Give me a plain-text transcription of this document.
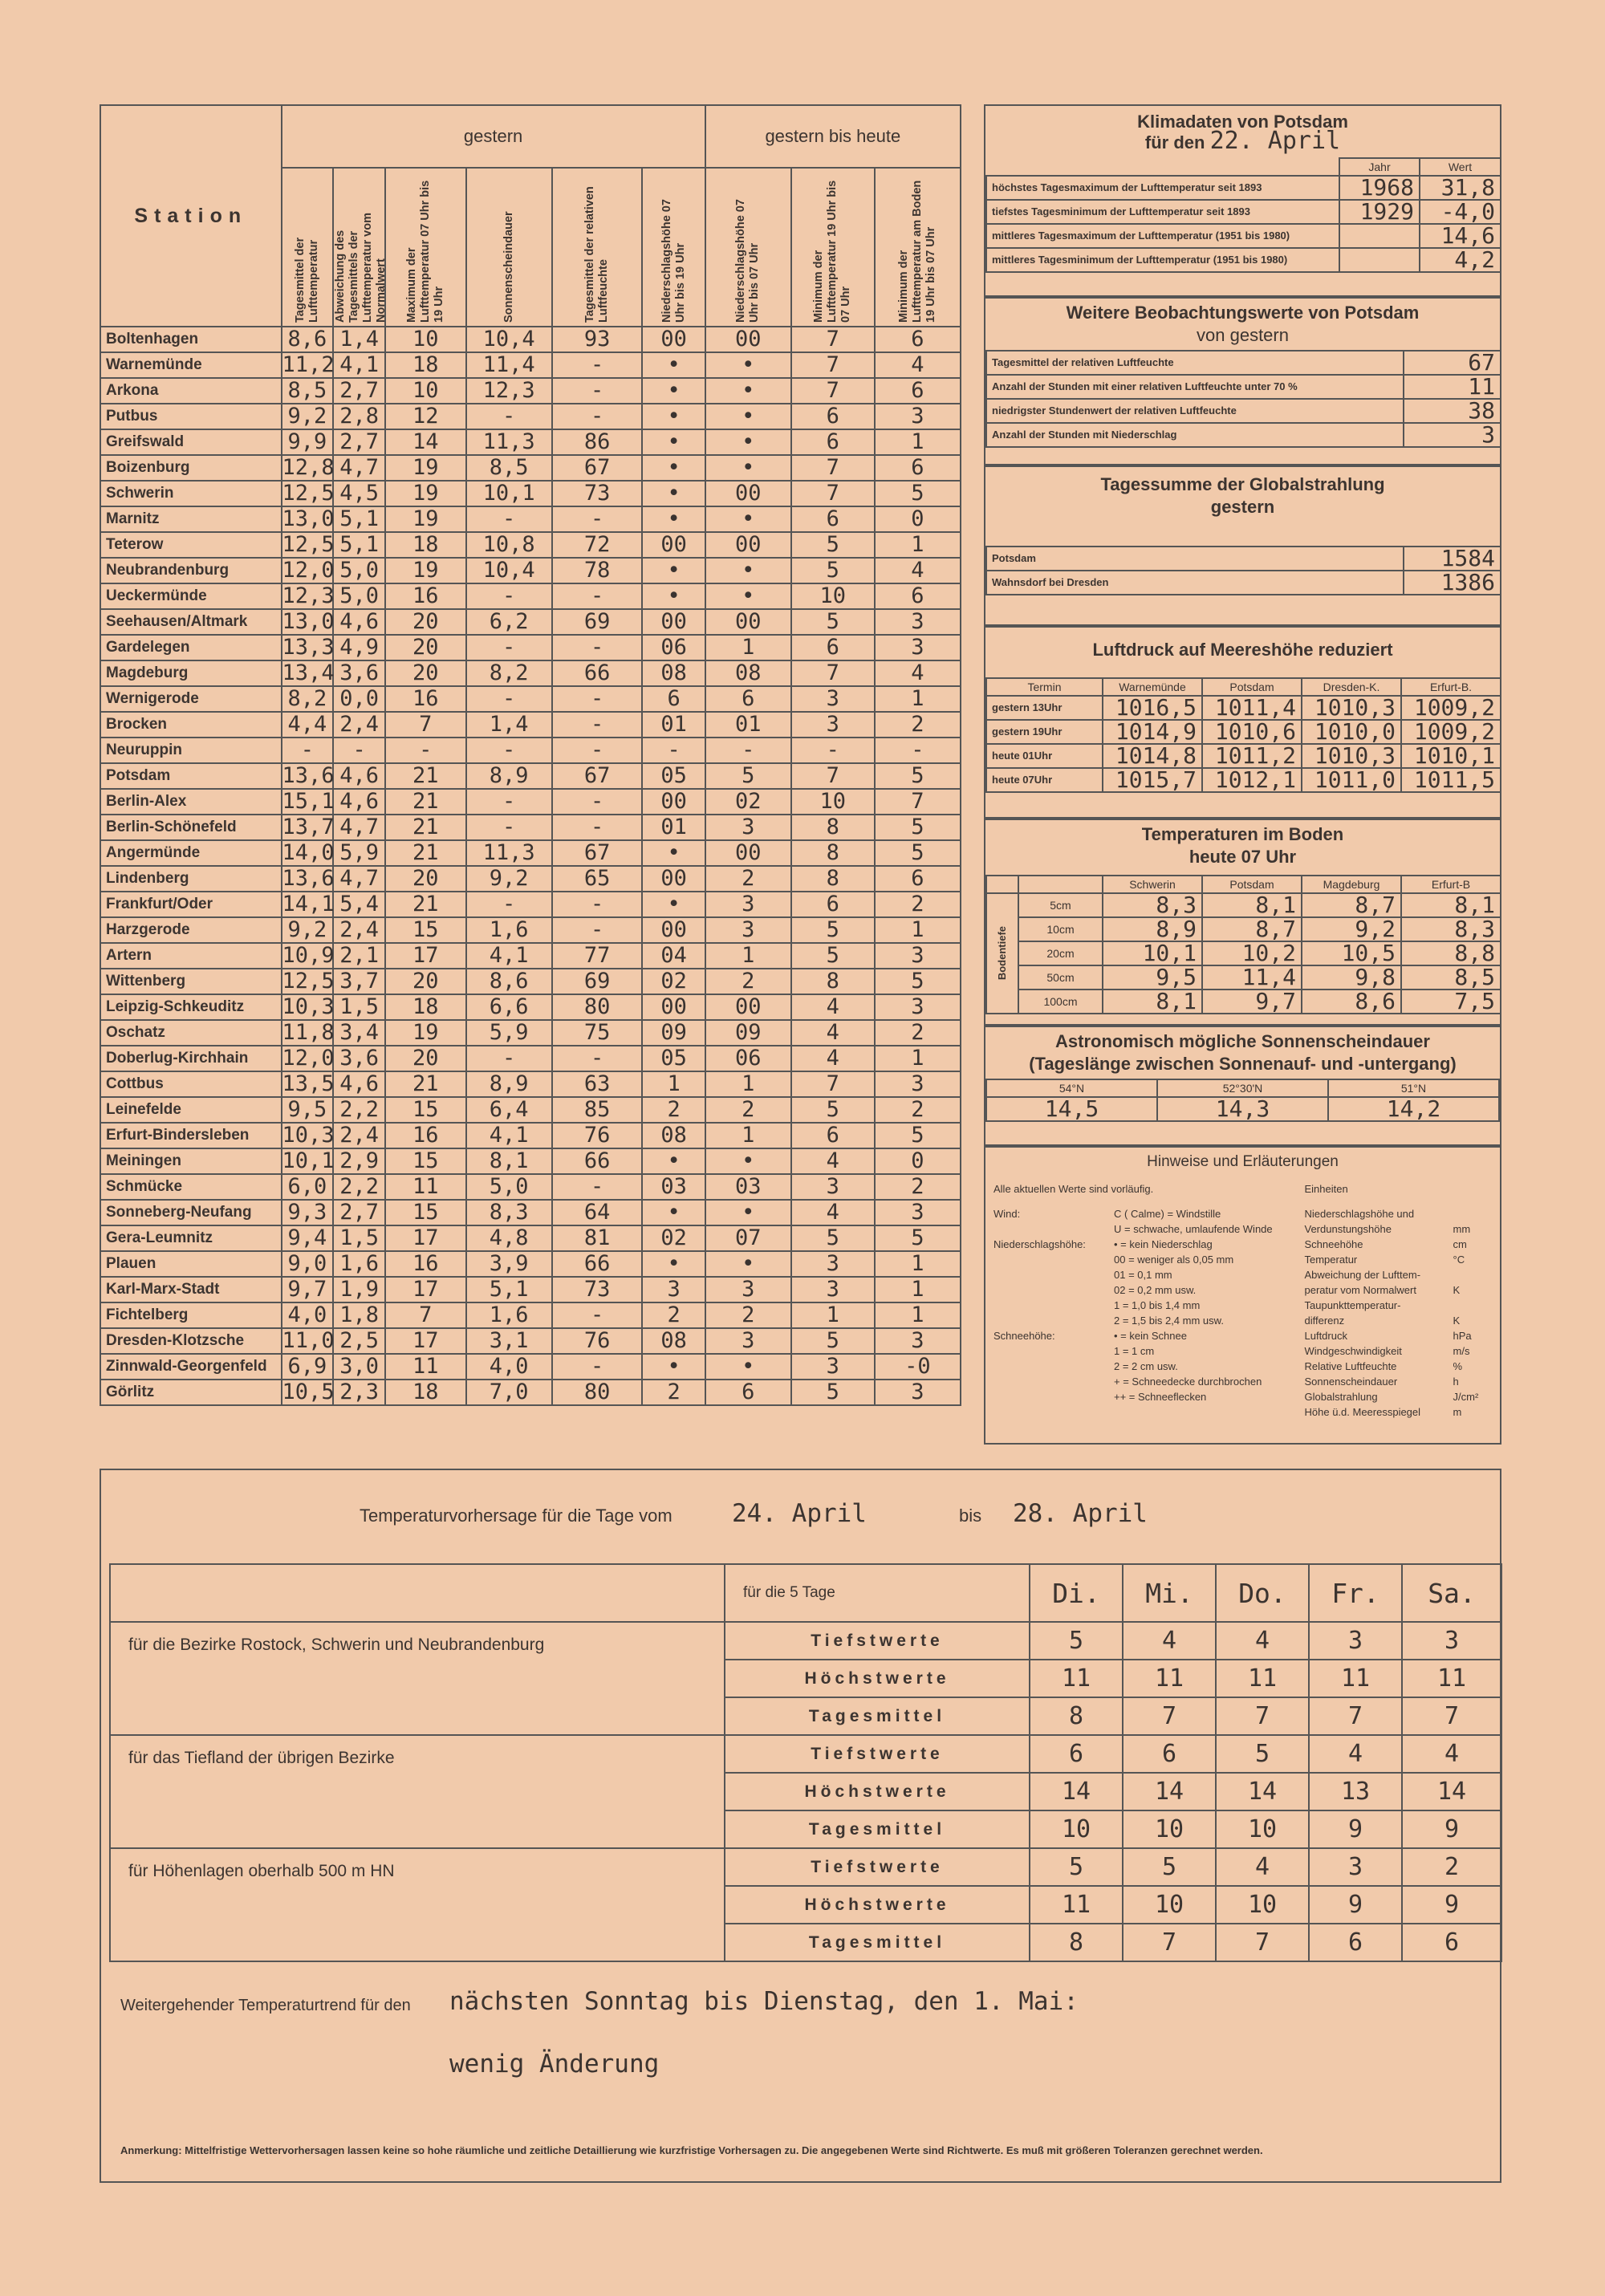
Station	gestern						gestern bis heute		

	Tagesmittel der Lufttemperatur	Abweichung des Tagesmittels der Lufttemperatur vom Normalwert	Maximum der Lufttemperatur 07 Uhr bis 19 Uhr	Sonnenscheindauer	Tagesmittel der relativen Luftfeuchte	Niederschlagshöhe 07 Uhr bis 19 Uhr	Niederschlagshöhe 07 Uhr bis 07 Uhr	Minimum der Lufttemperatur 19 Uhr bis 07 Uhr	Minimum der Lufttemperatur am Boden 19 Uhr bis 07 Uhr

Boltenhagen	8,6	1,4	10	10,4	93	00	00	7	6
Warnemünde	11,2	4,1	18	11,4	-	•	•	7	4
Arkona	8,5	2,7	10	12,3	-	•	•	7	6
Putbus	9,2	2,8	12	-	-	•	•	6	3
Greifswald	9,9	2,7	14	11,3	86	•	•	6	1
Boizenburg	12,8	4,7	19	8,5	67	•	•	7	6
Schwerin	12,5	4,5	19	10,1	73	•	00	7	5
Marnitz	13,0	5,1	19	-	-	•	•	6	0
Teterow	12,5	5,1	18	10,8	72	00	00	5	1
Neubrandenburg	12,0	5,0	19	10,4	78	•	•	5	4
Ueckermünde	12,3	5,0	16	-	-	•	•	10	6
Seehausen/Altmark	13,0	4,6	20	6,2	69	00	00	5	3
Gardelegen	13,3	4,9	20	-	-	06	1	6	3
Magdeburg	13,4	3,6	20	8,2	66	08	08	7	4
Wernigerode	8,2	0,0	16	-	-	6	6	3	1
Brocken	4,4	2,4	7	1,4	-	01	01	3	2
Neuruppin	-	-	-	-	-	-	-	-	-
Potsdam	13,6	4,6	21	8,9	67	05	5	7	5
Berlin-Alex	15,1	4,6	21	-	-	00	02	10	7
Berlin-Schönefeld	13,7	4,7	21	-	-	01	3	8	5
Angermünde	14,0	5,9	21	11,3	67	•	00	8	5
Lindenberg	13,6	4,7	20	9,2	65	00	2	8	6
Frankfurt/Oder	14,1	5,4	21	-	-	•	3	6	2
Harzgerode	9,2	2,4	15	1,6	-	00	3	5	1
Artern	10,9	2,1	17	4,1	77	04	1	5	3
Wittenberg	12,5	3,7	20	8,6	69	02	2	8	5
Leipzig-Schkeuditz	10,3	1,5	18	6,6	80	00	00	4	3
Oschatz	11,8	3,4	19	5,9	75	09	09	4	2
Doberlug-Kirchhain	12,0	3,6	20	-	-	05	06	4	1
Cottbus	13,5	4,6	21	8,9	63	1	1	7	3
Leinefelde	9,5	2,2	15	6,4	85	2	2	5	2
Erfurt-Bindersleben	10,3	2,4	16	4,1	76	08	1	6	5
Meiningen	10,1	2,9	15	8,1	66	•	•	4	0
Schmücke	6,0	2,2	11	5,0	-	03	03	3	2
Sonneberg-Neufang	9,3	2,7	15	8,3	64	•	•	4	3
Gera-Leumnitz	9,4	1,5	17	4,8	81	02	07	5	5
Plauen	9,0	1,6	16	3,9	66	•	•	3	1
Karl-Marx-Stadt	9,7	1,9	17	5,1	73	3	3	3	1
Fichtelberg	4,0	1,8	7	1,6	-	2	2	1	1
Dresden-Klotzsche	11,0	2,5	17	3,1	76	08	3	5	3
Zinnwald-Georgenfeld	6,9	3,0	11	4,0	-	•	•	3	-0
Görlitz	10,5	2,3	18	7,0	80	2	6	5	3
Klimadaten von Potsdam
für den 22. April
	Jahr	Wert
höchstes Tagesmaximum der Lufttemperatur seit 1893	1968	31,8
tiefstes Tagesminimum der Lufttemperatur seit 1893	1929	-4,0
mittleres Tagesmaximum der Lufttemperatur (1951 bis 1980)		14,6
mittleres Tagesminimum der Lufttemperatur (1951 bis 1980)		4,2
Weitere Beobachtungswerte von Potsdam
von gestern
Tagesmittel der relativen Luftfeuchte	67
Anzahl der Stunden mit einer relativen Luftfeuchte unter 70 %	11
niedrigster Stundenwert der relativen Luftfeuchte	38
Anzahl der Stunden mit Niederschlag	3
Tagessumme der Globalstrahlung
gestern
Potsdam	1584
Wahnsdorf bei Dresden	1386
Luftdruck auf Meereshöhe reduziert
Termin	Warnemünde	Potsdam	Dresden-K.	Erfurt-B.
gestern 13Uhr	1016,5	1011,4	1010,3	1009,2
gestern 19Uhr	1014,9	1010,6	1010,0	1009,2
heute 01Uhr	1014,8	1011,2	1010,3	1010,1
heute 07Uhr	1015,7	1012,1	1011,0	1011,5
Temperaturen im Boden
heute 07 Uhr
		Schwerin	Potsdam	Magdeburg	Erfurt-B

Bodentiefe	5cm	8,3	8,1	8,7	8,1
	10cm	8,9	8,7	9,2	8,3
	20cm	10,1	10,2	10,5	8,8
	50cm	9,5	11,4	9,8	8,5
	100cm	8,1	9,7	8,6	7,5
Astronomisch mögliche Sonnenscheindauer
(Tageslänge zwischen Sonnenauf- und -untergang)
54°N	52°30'N	51°N
14,5	14,3	14,2
Hinweise und Erläuterungen
Alle aktuellen Werte sind vorläufig.
Wind:	C ( Calme) = Windstille
U = schwache, umlaufende Winde
Niederschlagshöhe:	• = kein Niederschlag
00 = weniger als 0,05 mm
01 = 0,1 mm
02 = 0,2 mm usw.
1 = 1,0 bis 1,4 mm
2 = 1,5 bis 2,4 mm usw.
Schneehöhe:	• = kein Schnee
1 = 1 cm
2 = 2 cm usw.
+ = Schneedecke durchbrochen
++ = Schneeflecken
Einheiten
Niederschlagshöhe und
Verdunstungshöhe	mm
Schneehöhe	cm
Temperatur	°C
Abweichung der Lufttem-
peratur vom Normalwert	K
Taupunkttemperatur-
differenz	K
Luftdruck	hPa
Windgeschwindigkeit	m/s
Relative Luftfeuchte	%
Sonnenscheindauer	h
Globalstrahlung	J/cm²
Höhe ü.d. Meeresspiegel	m
Temperaturvorhersage für die Tage vom 24. April	bis 28. April
	für die 5 Tage	Di.	Mi.	Do.	Fr.	Sa.
für die Bezirke Rostock, Schwerin und Neubrandenburg	Tiefstwerte	5	4	4	3	3
	Höchstwerte	11	11	11	11	11
	Tagesmittel	8	7	7	7	7
für das Tiefland der übrigen Bezirke	Tiefstwerte	6	6	5	4	4
	Höchstwerte	14	14	14	13	14
	Tagesmittel	10	10	10	9	9
für Höhenlagen oberhalb 500 m HN	Tiefstwerte	5	5	4	3	2
	Höchstwerte	11	10	10	9	9
	Tagesmittel	8	7	7	6	6
Weitergehender Temperaturtrend für den nächsten Sonntag bis Dienstag, den 1. Mai:
wenig Änderung
Anmerkung: Mittelfristige Wettervorhersagen lassen keine so hohe räumliche und zeitliche Detaillierung wie kurzfristige Vorhersagen zu. Die angegebenen Werte sind Richtwerte. Es muß mit größeren Toleranzen gerechnet werden.
